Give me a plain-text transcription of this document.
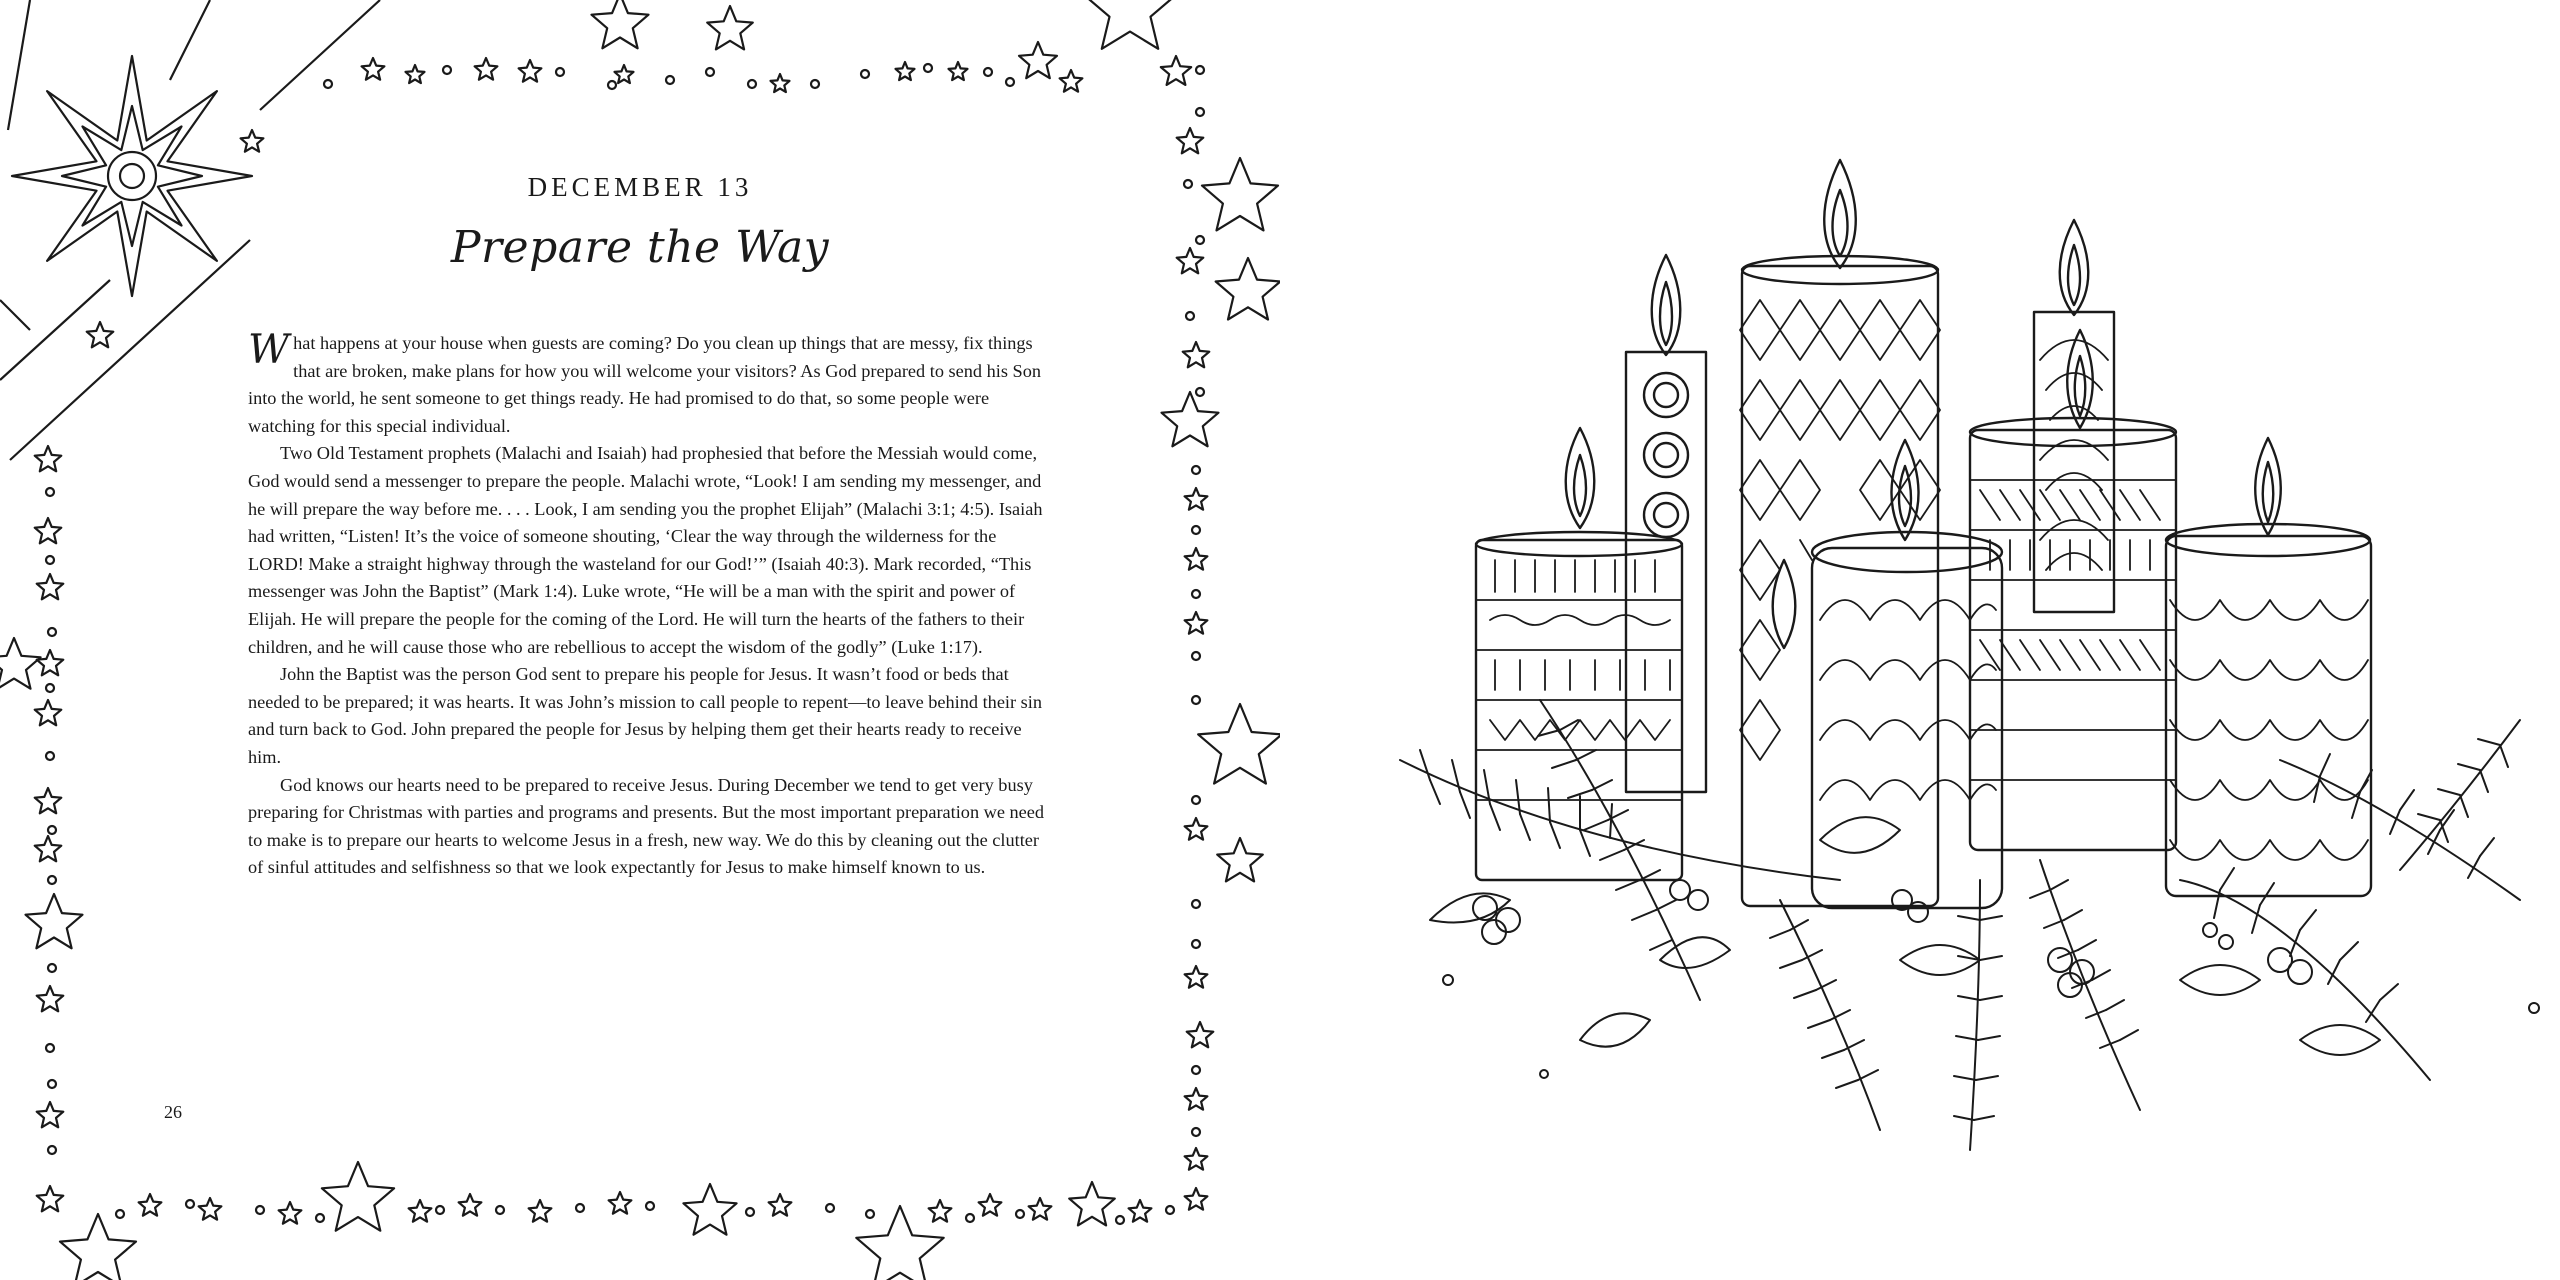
DECEMBER 13
Prepare the Way

What happens at your house when guests are coming? Do you clean up things that are messy, fix things that are broken, make plans for how you will welcome your visitors? As God prepared to send his Son into the world, he sent someone to get things ready. He had promised to do that, so some people were watching for this special individual.

Two Old Testament prophets (Malachi and Isaiah) had prophesied that before the Messiah would come, God would send a messenger to prepare the people. Malachi wrote, “Look! I am sending my messenger, and he will prepare the way before me. . . . Look, I am sending you the prophet Elijah” (Malachi 3:1; 4:5). Isaiah had written, “Listen! It’s the voice of someone shouting, ‘Clear the way through the wilderness for the LORD! Make a straight highway through the wasteland for our God!’” (Isaiah 40:3). Mark recorded, “This messenger was John the Baptist” (Mark 1:4). Luke wrote, “He will be a man with the spirit and power of Elijah. He will prepare the people for the coming of the Lord. He will turn the hearts of the fathers to their children, and he will cause those who are rebellious to accept the wisdom of the godly” (Luke 1:17).

John the Baptist was the person God sent to prepare his people for Jesus. It wasn’t food or beds that needed to be prepared; it was hearts. It was John’s mission to call people to repent—to leave behind their sin and turn back to God. John prepared the people for Jesus by helping them get their hearts ready to receive him.

God knows our hearts need to be prepared to receive Jesus. During December we tend to get very busy preparing for Christmas with parties and programs and presents. But the most important preparation we need to make is to prepare our hearts to welcome Jesus in a fresh, new way. We do this by cleaning out the clutter of sinful attitudes and selfishness so that we look expectantly for Jesus to make himself known to us.

26
